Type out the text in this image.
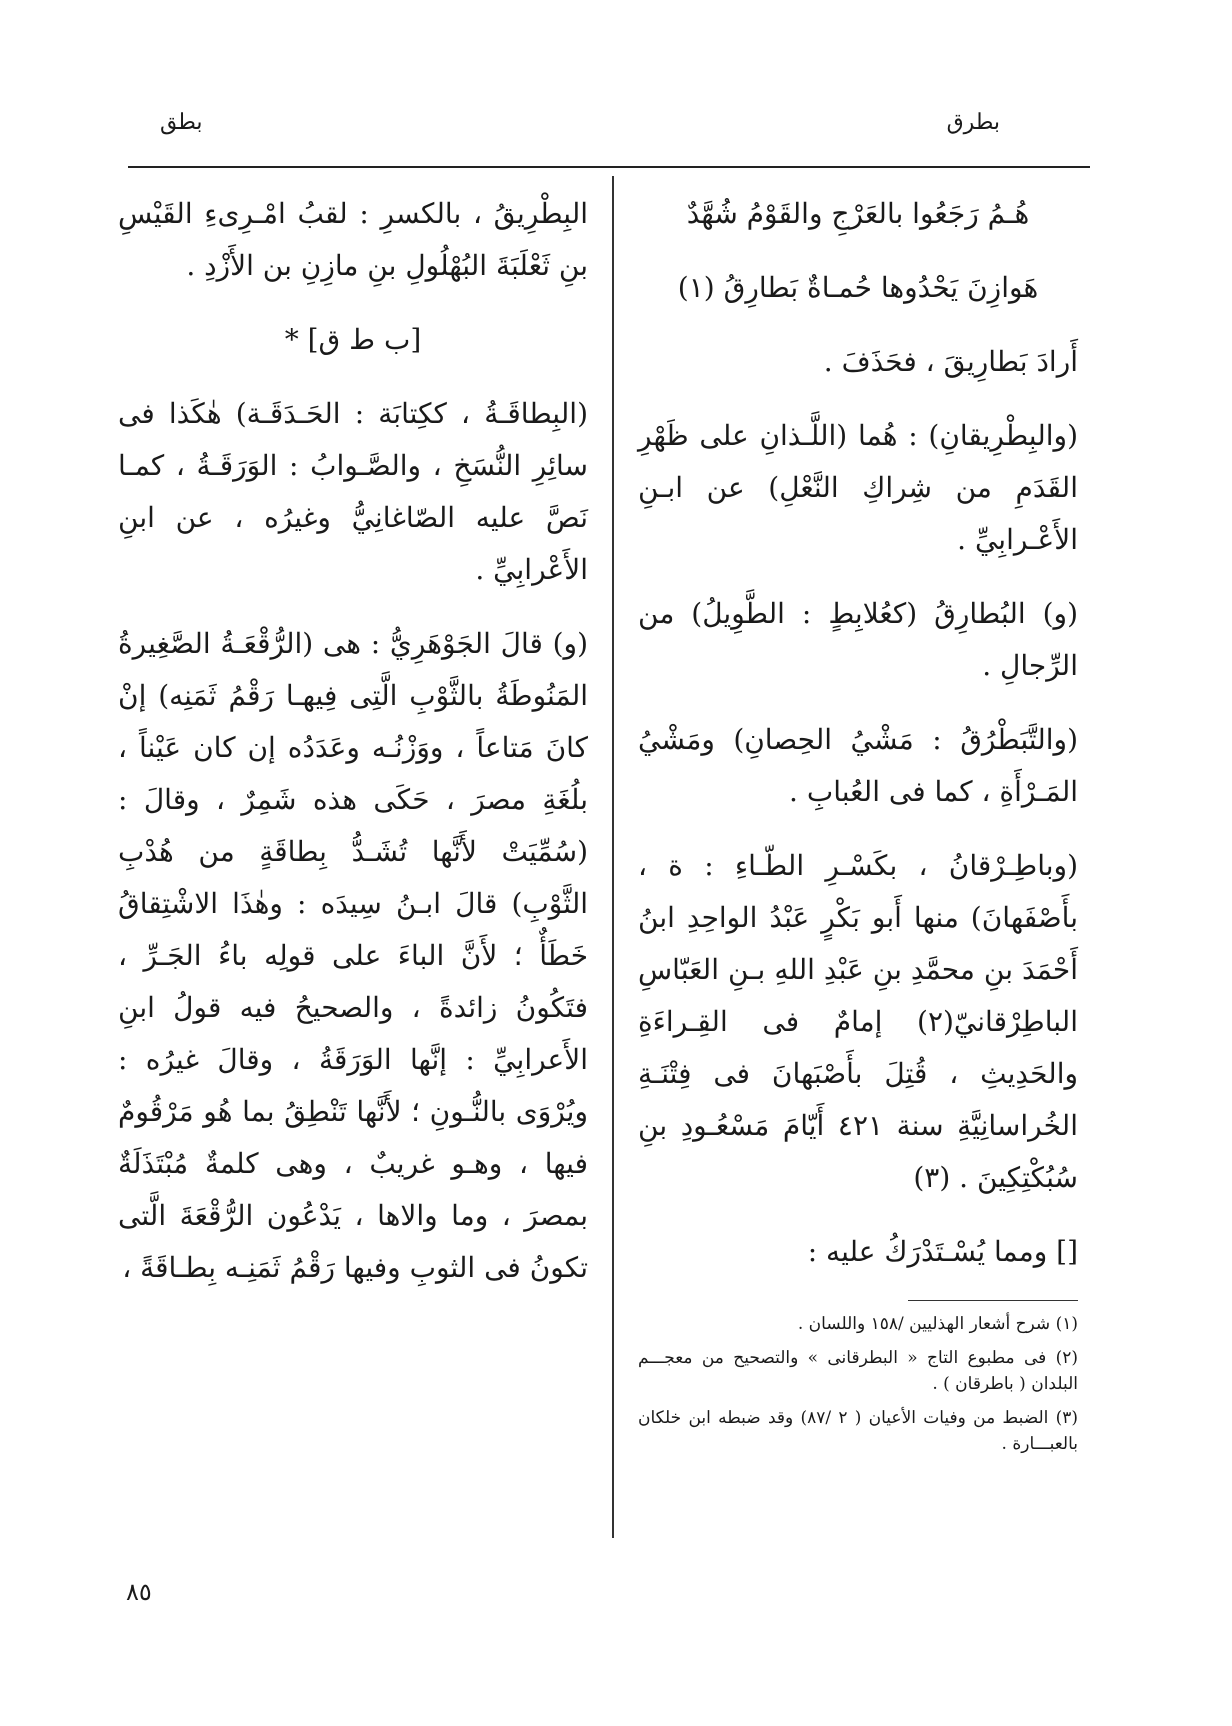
بطرق
بطق

هُـمُ رَجَعُوا بالعَرْجِ والقَوْمُ شُهَّدٌ

هَوازِنَ يَحْدُوها حُمـاةٌ بَطارِقُ (١)

أَرادَ بَطارِيقَ ، فحَذَفَ .

(والبِطْرِيقانِ) : هُما (اللَّـذانِ على ظَهْرِ القَدَمِ من شِراكِ النَّعْلِ) عن ابـنِ الأَعْـرابِيِّ .

(و) البُطارِقُ (كعُلابِطٍ : الطَّوِيلُ) من الرِّجالِ .

(والتَّبَطْرُقُ : مَشْيُ الحِصانِ) ومَشْيُ المَـرْأَةِ ، كما فى العُبابِ .

(وباطِـرْقانُ ، بكَسْـرِ الطّـاءِ : ة ، بأَصْفَهانَ) منها أَبو بَكْرٍ عَبْدُ الواحِدِ ابنُ أَحْمَدَ بنِ محمَّدِ بنِ عَبْدِ اللهِ بـنِ العَبّاسِ الباطِرْقانيّ(٢) إمامٌ فى القِـراءَةِ والحَدِيثِ ، قُتِلَ بأَصْبَهانَ فى فِتْنَـةِ الخُراسانِيَّةِ سنة ٤٢١ أَيّامَ مَسْعُـودِ بنِ سُبُكْتِكِينَ . (٣)

[] ومما يُسْـتَدْرَكُ عليه :

(١) شرح أشعار الهذليين /١٥٨ واللسان .

(٢) فى مطبوع التاج « البطرقانى » والتصحيح من معجـــم البلدان ( باطرقان ) .

(٣) الضبط من وفيات الأعيان ( ٢ /٨٧) وقد ضبطه ابن خلكان بالعبـــارة .

البِطْرِيقُ ، بالكسرِ : لقبُ امْـرِىءِ القَيْسِ بنِ ثَعْلَبَةَ البُهْلُولِ بنِ مازِنِ بن الأَزْدِ .

[ب ط ق] *

(البِطاقَـةُ ، ككِتابَة : الحَـدَقَـة) هٰكَذا فى سائِرِ النُّسَخِ ، والصَّـوابُ : الوَرَقَـةُ ، كمـا نَصَّ عليه الصّاغانِيُّ وغيرُه ، عن ابنِ الأَعْرابِيِّ .

(و) قالَ الجَوْهَرِيُّ : هى (الرُّقْعَـةُ الصَّغِيرةُ المَنُوطَةُ بالثَّوْبِ الَّتِى فِيهـا رَقْمُ ثَمَنِه) إنْ كانَ مَتاعاً ، ووَزْنُـه وعَدَدُه إن كان عَيْناً ، بلُغَةِ مصرَ ، حَكَى هذه شَمِرٌ ، وقالَ : (سُمِّيَتْ لأَنَّها تُشَـدُّ بِطاقَةٍ من هُدْبِ الثَّوْبِ) قالَ ابـنُ سِيدَه : وهٰذَا الاشْتِقاقُ خَطَأٌ ؛ لأَنَّ الباءَ على قولِه باءُ الجَـرِّ ، فتَكُونُ زائدةً ، والصحيحُ فيه قولُ ابنِ الأَعرابِيِّ : إنَّها الوَرَقَةُ ، وقالَ غيرُه : ويُرْوَى بالنُّـونِ ؛ لأَنَّها تَنْطِقُ بما هُو مَرْقُومٌ فيها ، وهـو غريبٌ ، وهى كلمةٌ مُبْتَذَلَةٌ بمصرَ ، وما والاها ، يَدْعُون الرُّقْعَةَ الَّتى تكونُ فى الثوبِ وفيها رَقْمُ ثَمَنِـه بِطـاقَةً ،

٨٥
